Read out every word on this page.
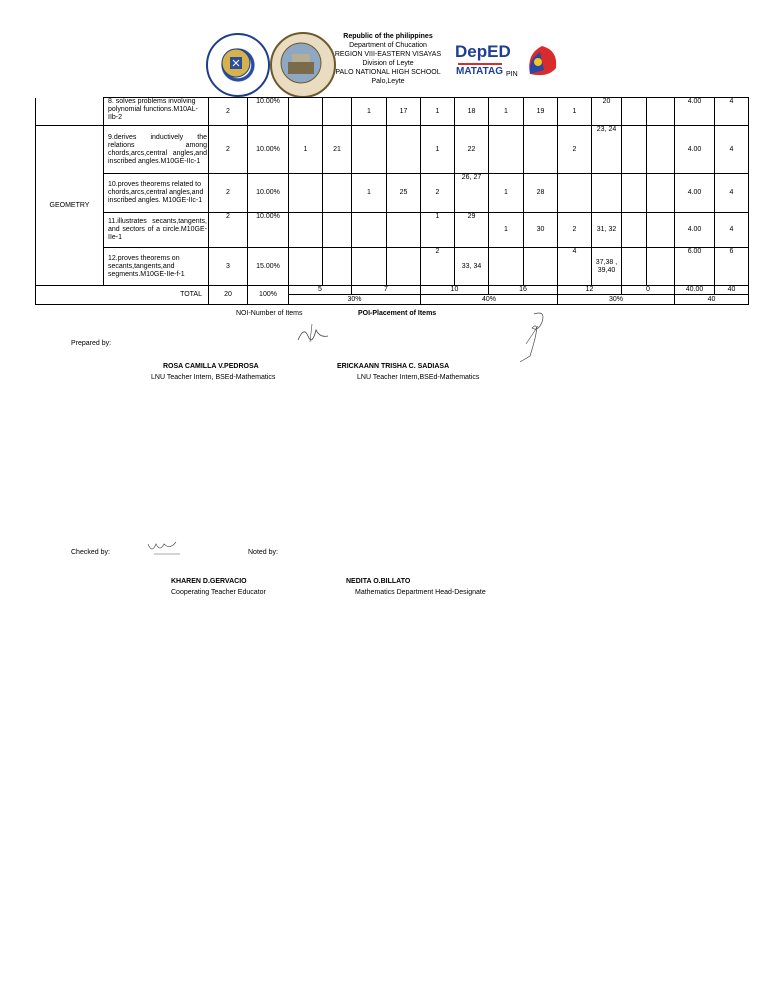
Republic of the philippines
Department of Chucation
REGION VIII-EASTERN VISAYAS
Division of Leyte
PALO NATIONAL HIGH SCHOOL
Palo,Leyte
DepED
MATATAG PIN
	8. solves problems involving polynomial functions.M10AL-IIb-2	2	10.00%			1	17	1	18	1	19	1	20			4.00	4
GEOMETRY	9.derives inductively the relations among chords,arcs,central angles,and inscribed angles.M10GE-IIc-1	2	10.00%	1	21			1	22			2	23, 24			4.00	4
	10.proves theorems related to chords,arcs,central angles,and inscribed angles. M10GE-IIc-1	2	10.00%			1	25	2	26, 27	1	28					4.00	4
	11.illustrates secants,tangents, and sectors of a circle.M10GE-IIe-1	2	10.00%					1	29	1	30	2	31, 32			4.00	4
	12.proves theorems on secants,tangents,and segments.M10GE-IIe-f-1	3	15.00%					2	33, 34			4	37,38 , 39,40			6.00	6
TOTAL		20	100%	5		7		10		16		12		0		40.00	40
				30%				40%				30%				40	
NOI-Number of Items	POI-Placement of Items
Prepared by:
ROSA CAMILLA V.PEDROSA
LNU Teacher Intern, BSEd-Mathematics
ERICKAANN TRISHA C. SADIASA
LNU Teacher Intern,BSEd-Mathematics
Checked by:	Noted by:
KHAREN D.GERVACIO
Cooperating Teacher Educator
NEDITA O.BILLATO
Mathematics Department Head-Designate
